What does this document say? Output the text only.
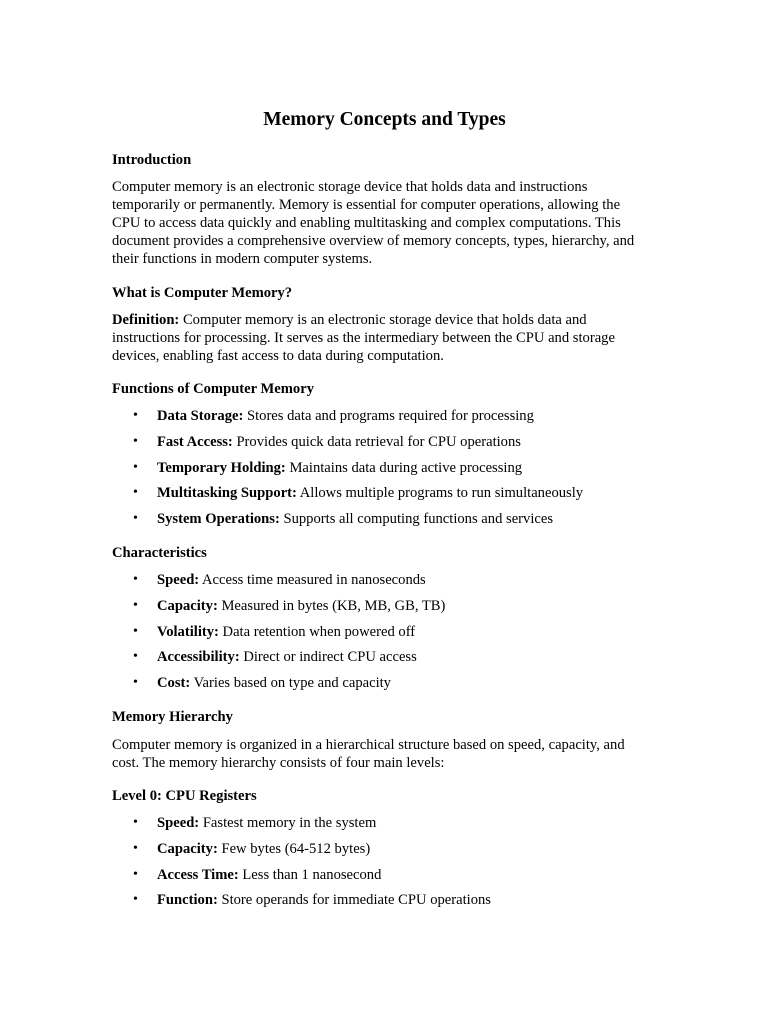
Memory Concepts and Types
Introduction
Computer memory is an electronic storage device that holds data and instructions
temporarily or permanently. Memory is essential for computer operations, allowing the
CPU to access data quickly and enabling multitasking and complex computations. This
document provides a comprehensive overview of memory concepts, types, hierarchy, and
their functions in modern computer systems.
What is Computer Memory?
Definition: Computer memory is an electronic storage device that holds data and
instructions for processing. It serves as the intermediary between the CPU and storage
devices, enabling fast access to data during computation.
Functions of Computer Memory
• Data Storage: Stores data and programs required for processing
• Fast Access: Provides quick data retrieval for CPU operations
• Temporary Holding: Maintains data during active processing
• Multitasking Support: Allows multiple programs to run simultaneously
• System Operations: Supports all computing functions and services
Characteristics
• Speed: Access time measured in nanoseconds
• Capacity: Measured in bytes (KB, MB, GB, TB)
• Volatility: Data retention when powered off
• Accessibility: Direct or indirect CPU access
• Cost: Varies based on type and capacity
Memory Hierarchy
Computer memory is organized in a hierarchical structure based on speed, capacity, and
cost. The memory hierarchy consists of four main levels:
Level 0: CPU Registers
• Speed: Fastest memory in the system
• Capacity: Few bytes (64-512 bytes)
• Access Time: Less than 1 nanosecond
• Function: Store operands for immediate CPU operations
